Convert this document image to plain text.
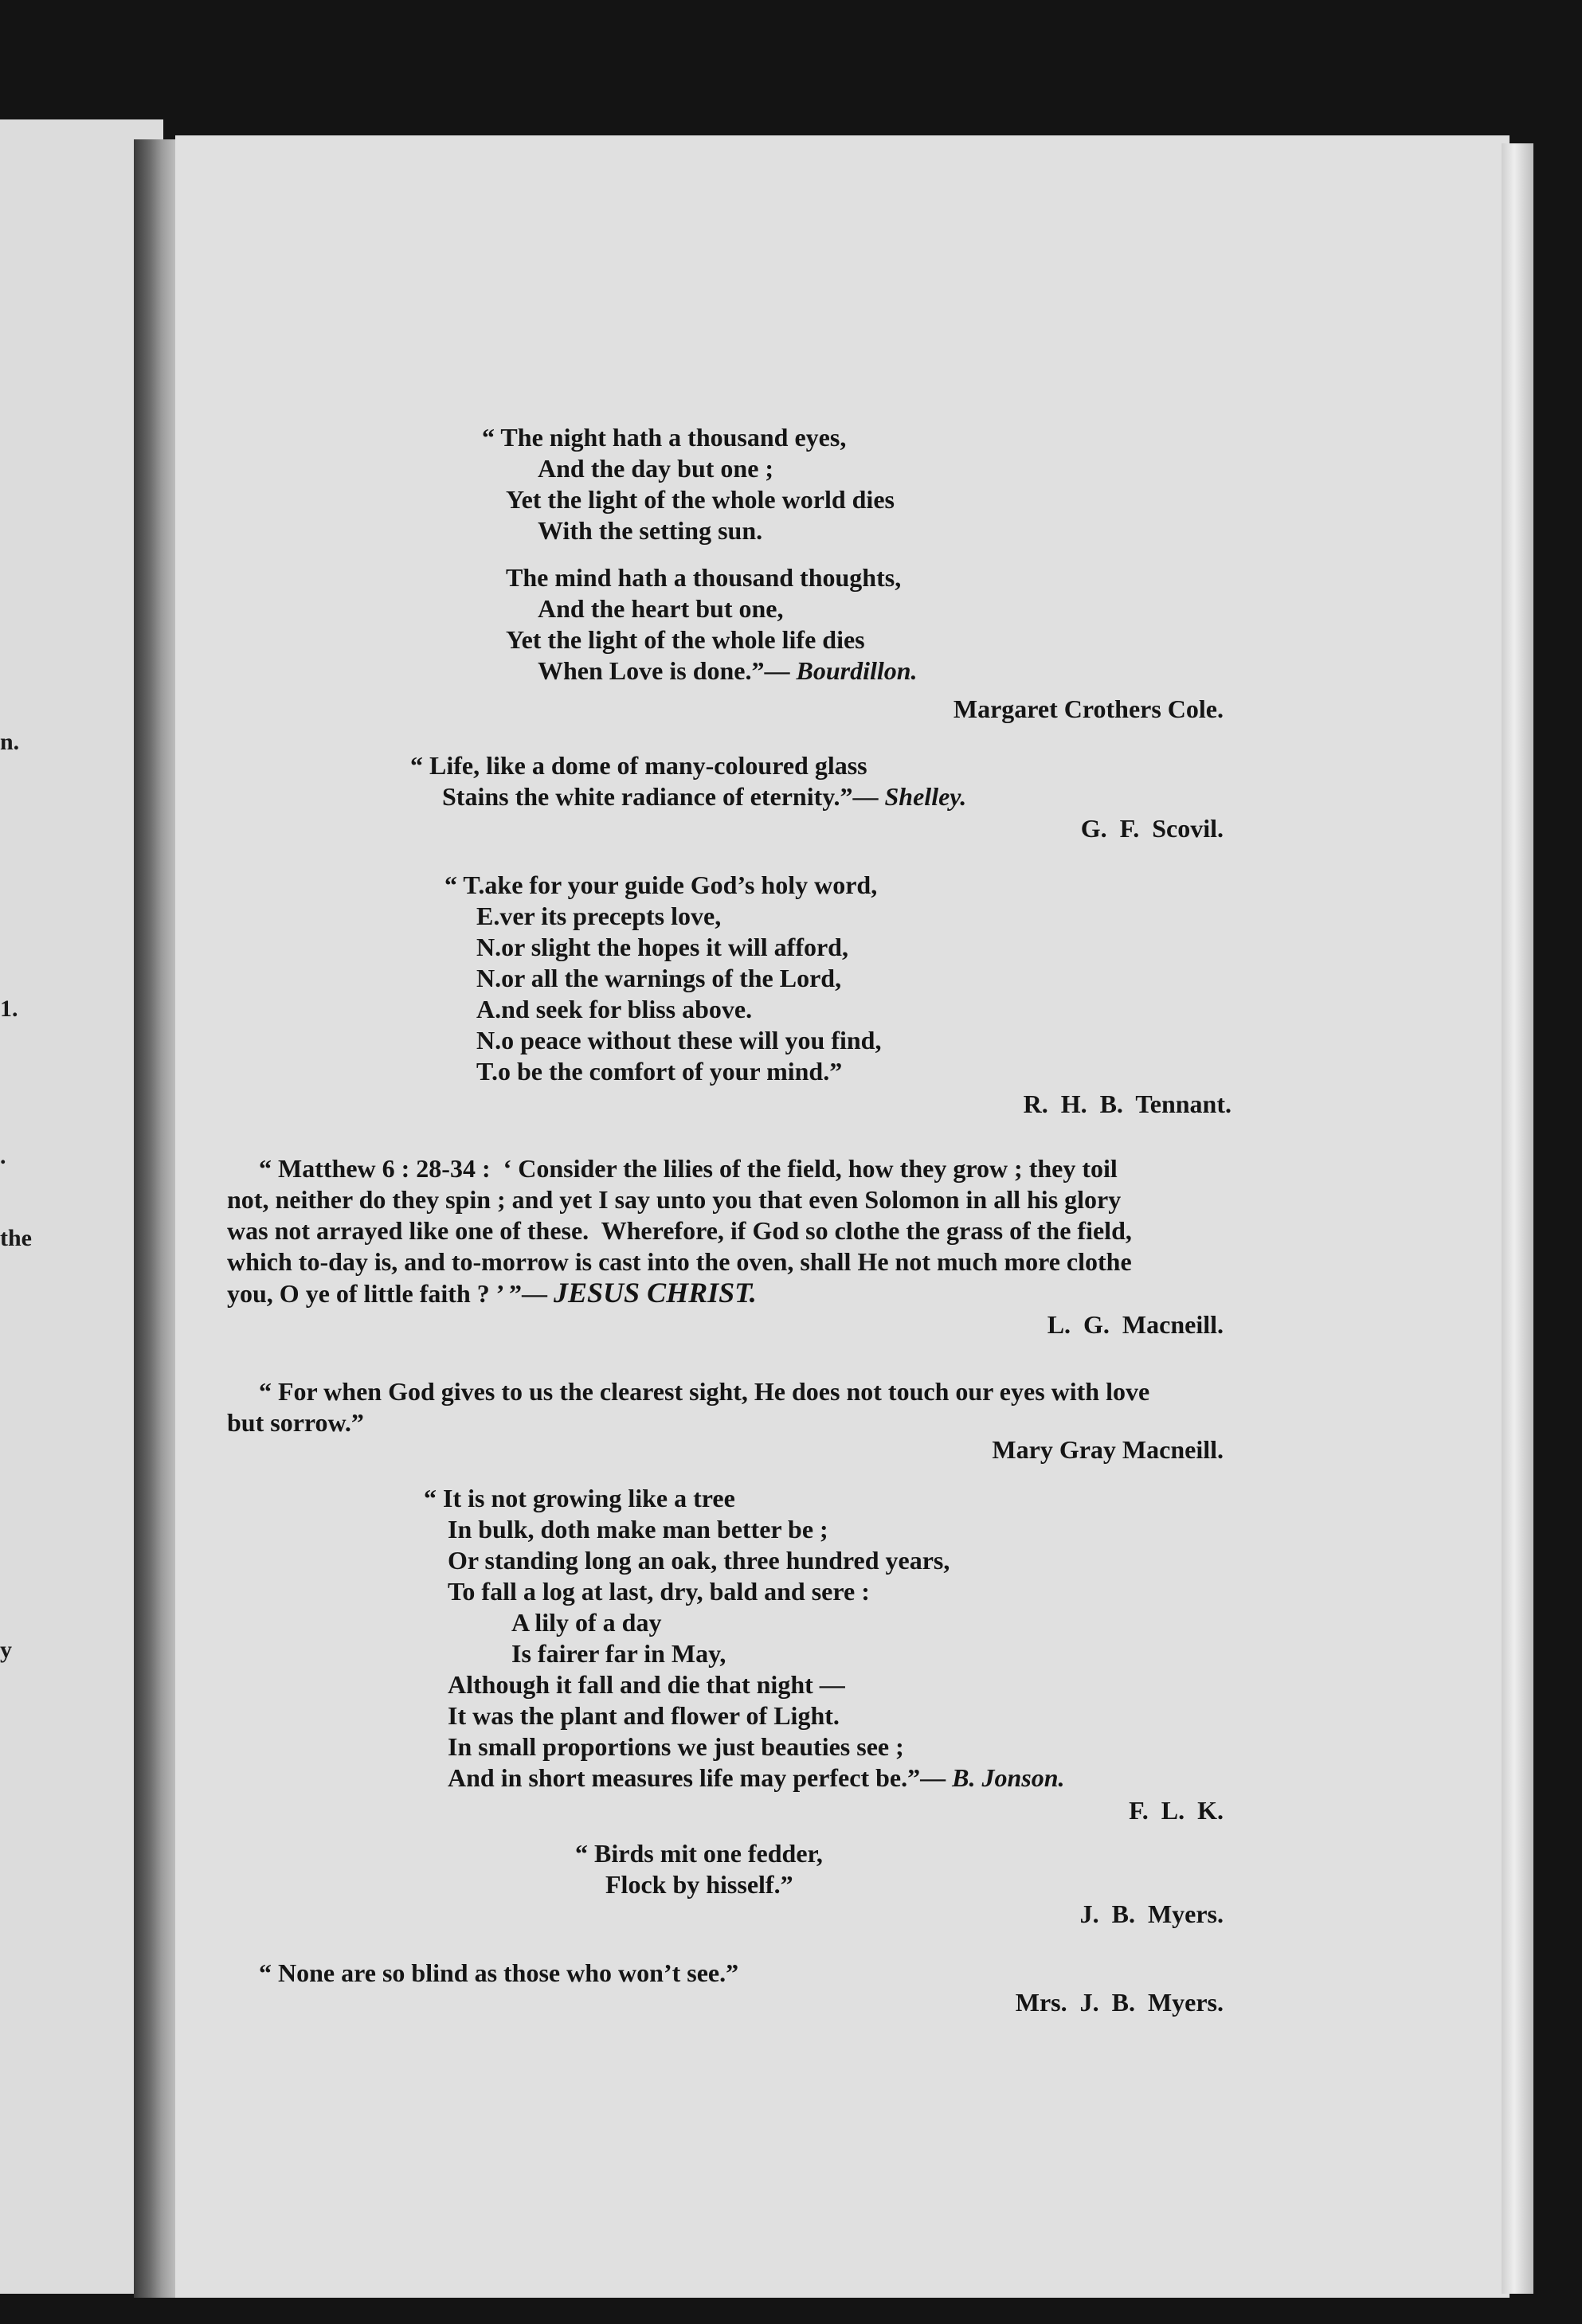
n.
1.
.
the
y
“ The night hath a thousand eyes,
And the day but one ;
Yet the light of the whole world dies
With the setting sun.
The mind hath a thousand thoughts,
And the heart but one,
Yet the light of the whole life dies
When Love is done.”— Bourdillon.
Margaret Crothers Cole.
“ Life, like a dome of many-coloured glass
Stains the white radiance of eternity.”— Shelley.
G.  F.  Scovil.
“ T.ake for your guide God’s holy word,
E.ver its precepts love,
N.or slight the hopes it will afford,
N.or all the warnings of the Lord,
A.nd seek for bliss above.
N.o peace without these will you find,
T.o be the comfort of your mind.”
R.  H.  B.  Tennant.
“ Matthew 6 : 28-34 :  ‘ Consider the lilies of the field, how they grow ; they toil
not, neither do they spin ; and yet I say unto you that even Solomon in all his glory
was not arrayed like one of these.  Wherefore, if God so clothe the grass of the field,
which to-day is, and to-morrow is cast into the oven, shall He not much more clothe
you, O ye of little faith ? ’ ”— JESUS CHRIST.
L.  G.  Macneill.
“ For when God gives to us the clearest sight, He does not touch our eyes with love
but sorrow.”
Mary Gray Macneill.
“ It is not growing like a tree
In bulk, doth make man better be ;
Or standing long an oak, three hundred years,
To fall a log at last, dry, bald and sere :
A lily of a day
Is fairer far in May,
Although it fall and die that night —
It was the plant and flower of Light.
In small proportions we just beauties see ;
And in short measures life may perfect be.”— B. Jonson.
F.  L.  K.
“ Birds mit one fedder,
Flock by hisself.”
J.  B.  Myers.
“ None are so blind as those who won’t see.”
Mrs.  J.  B.  Myers.
